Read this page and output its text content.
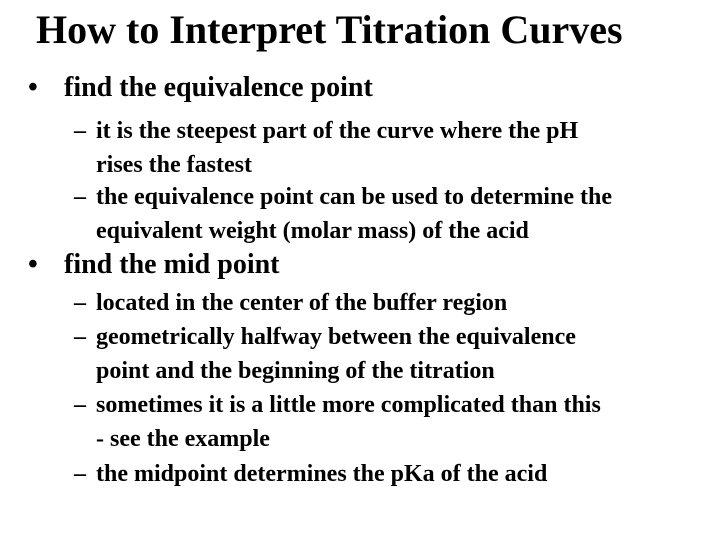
How to Interpret Titration Curves
• find the equivalence point
– it is the steepest part of the curve where the pH
rises the fastest
– the equivalence point can be used to determine the
equivalent weight (molar mass) of the acid
• find the mid point
– located in the center of the buffer region
– geometrically halfway between the equivalence
point and the beginning of the titration
– sometimes it is a little more complicated than this
- see the example
– the midpoint determines the pKa of the acid
